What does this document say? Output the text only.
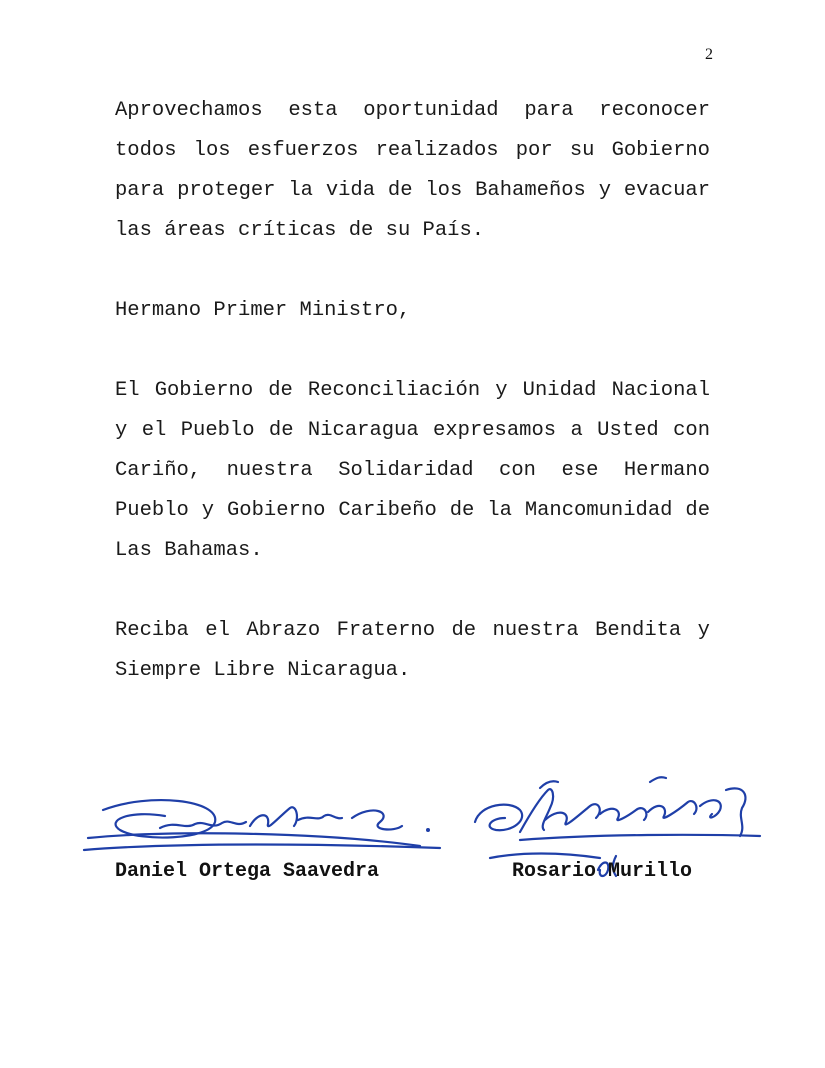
2

Aprovechamos esta oportunidad para reconocer todos los esfuerzos realizados por su Gobierno para proteger la vida de los Bahameños y evacuar las áreas críticas de su País.

Hermano Primer Ministro,

El Gobierno de Reconciliación y Unidad Nacional y el Pueblo de Nicaragua expresamos a Usted con Cariño, nuestra Solidaridad con ese Hermano Pueblo y Gobierno Caribeño de la Mancomunidad de Las Bahamas.

Reciba el Abrazo Fraterno de nuestra Bendita y Siempre Libre Nicaragua.

Daniel Ortega Saavedra	Rosario Murillo
